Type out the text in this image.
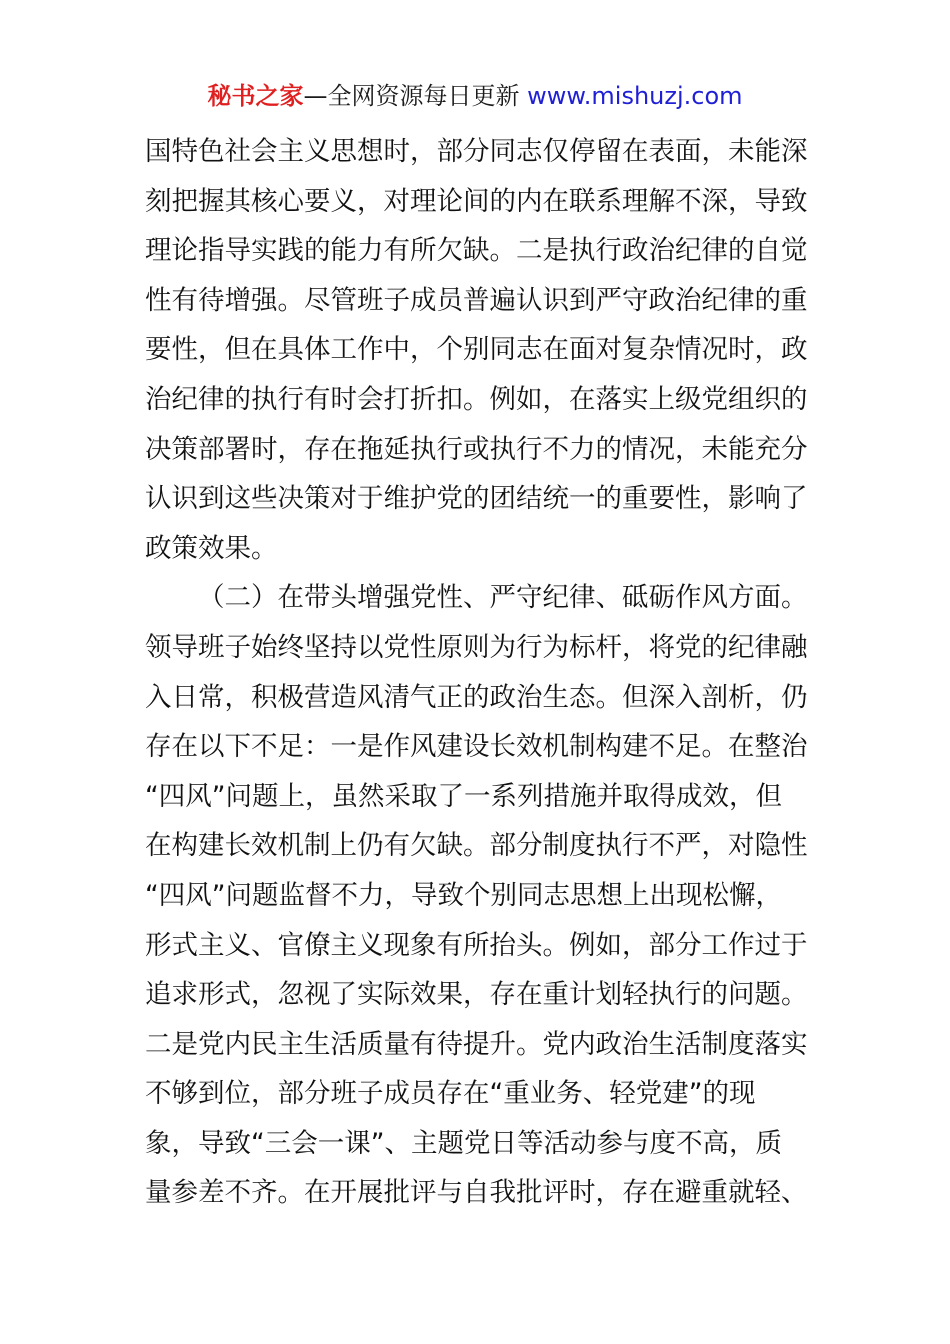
秘书之家—全网资源每日更新 www.mishuzj.com
国特色社会主义思想时，部分同志仅停留在表面，未能深
刻把握其核心要义，对理论间的内在联系理解不深，导致
理论指导实践的能力有所欠缺。二是执行政治纪律的自觉
性有待增强。尽管班子成员普遍认识到严守政治纪律的重
要性，但在具体工作中，个别同志在面对复杂情况时，政
治纪律的执行有时会打折扣。例如，在落实上级党组织的
决策部署时，存在拖延执行或执行不力的情况，未能充分
认识到这些决策对于维护党的团结统一的重要性，影响了
政策效果。
（二）在带头增强党性、严守纪律、砥砺作风方面。
领导班子始终坚持以党性原则为行为标杆，将党的纪律融
入日常，积极营造风清气正的政治生态。但深入剖析，仍
存在以下不足：一是作风建设长效机制构建不足。在整治
“四风”问题上，虽然采取了一系列措施并取得成效，但
在构建长效机制上仍有欠缺。部分制度执行不严，对隐性
“四风”问题监督不力，导致个别同志思想上出现松懈，
形式主义、官僚主义现象有所抬头。例如，部分工作过于
追求形式，忽视了实际效果，存在重计划轻执行的问题。
二是党内民主生活质量有待提升。党内政治生活制度落实
不够到位，部分班子成员存在“重业务、轻党建”的现
象，导致“三会一课”、主题党日等活动参与度不高，质
量参差不齐。在开展批评与自我批评时，存在避重就轻、
